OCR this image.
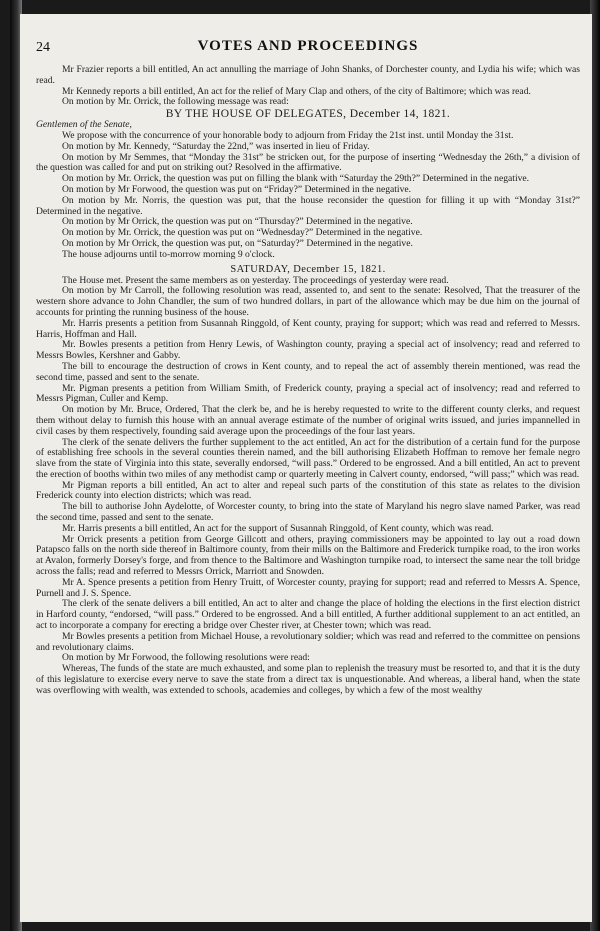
24	VOTES AND PROCEEDINGS

Mr Frazier reports a bill entitled, An act annulling the marriage of John Shanks, of Dorchester county, and Lydia his wife; which was read.

Mr Kennedy reports a bill entitled, An act for the relief of Mary Clap and others, of the city of Baltimore; which was read.

On motion by Mr. Orrick, the following message was read:

BY THE HOUSE OF DELEGATES, December 14, 1821.

Gentlemen of the Senate,

We propose with the concurrence of your honorable body to adjourn from Friday the 21st inst. until Monday the 31st.

On motion by Mr. Kennedy, “Saturday the 22nd,” was inserted in lieu of Friday.

On motion by Mr Semmes, that “Monday the 31st” be stricken out, for the purpose of inserting “Wednesday the 26th,” a division of the question was called for and put on striking out? Resolved in the affirmative.

On motion by Mr. Orrick, the question was put on filling the blank with “Saturday the 29th?” Determined in the negative.

On motion by Mr Forwood, the question was put on “Friday?” Determined in the negative.

On motion by Mr. Norris, the question was put, that the house reconsider the question for filling it up with “Monday 31st?” Determined in the negative.

On motion by Mr Orrick, the question was put on “Thursday?” Determined in the negative.

On motion by Mr. Orrick, the question was put on “Wednesday?” Determined in the negative.

On motion by Mr Orrick, the question was put, on “Saturday?” Determined in the negative.

The house adjourns until to-morrow morning 9 o'clock.

SATURDAY, December 15, 1821.

The House met. Present the same members as on yesterday. The proceedings of yesterday were read.

On motion by Mr Carroll, the following resolution was read, assented to, and sent to the senate: Resolved, That the treasurer of the western shore advance to John Chandler, the sum of two hundred dollars, in part of the allowance which may be due him on the journal of accounts for printing the running business of the house.

Mr. Harris presents a petition from Susannah Ringgold, of Kent county, praying for support; which was read and referred to Messrs. Harris, Hoffman and Hall.

Mr. Bowles presents a petition from Henry Lewis, of Washington county, praying a special act of insolvency; read and referred to Messrs Bowles, Kershner and Gabby.

The bill to encourage the destruction of crows in Kent county, and to repeal the act of assembly therein mentioned, was read the second time, passed and sent to the senate.

Mr. Pigman presents a petition from William Smith, of Frederick county, praying a special act of insolvency; read and referred to Messrs Pigman, Culler and Kemp.

On motion by Mr. Bruce, Ordered, That the clerk be, and he is hereby requested to write to the different county clerks, and request them without delay to furnish this house with an annual average estimate of the number of original writs issued, and juries impannelled in civil cases by them respectively, founding said average upon the proceedings of the four last years.

The clerk of the senate delivers the further supplement to the act entitled, An act for the distribution of a certain fund for the purpose of establishing free schools in the several counties therein named, and the bill authorising Elizabeth Hoffman to remove her female negro slave from the state of Virginia into this state, severally endorsed, “will pass.” Ordered to be engrossed. And a bill entitled, An act to prevent the erection of booths within two miles of any methodist camp or quarterly meeting in Calvert county, endorsed, “will pass;” which was read.

Mr Pigman reports a bill entitled, An act to alter and repeal such parts of the constitution of this state as relates to the division Frederick county into election districts; which was read.

The bill to authorise John Aydelotte, of Worcester county, to bring into the state of Maryland his negro slave named Parker, was read the second time, passed and sent to the senate.

Mr. Harris presents a bill entitled, An act for the support of Susannah Ringgold, of Kent county, which was read.

Mr Orrick presents a petition from George Gillcott and others, praying commissioners may be appointed to lay out a road down Patapsco falls on the north side thereof in Baltimore county, from their mills on the Baltimore and Frederick turnpike road, to the iron works at Avalon, formerly Dorsey's forge, and from thence to the Baltimore and Washington turnpike road, to intersect the same near the toll bridge across the falls; read and referred to Messrs Orrick, Marriott and Snowden.

Mr A. Spence presents a petition from Henry Truitt, of Worcester county, praying for support; read and referred to Messrs A. Spence, Purnell and J. S. Spence.

The clerk of the senate delivers a bill entitled, An act to alter and change the place of holding the elections in the first election district in Harford county, “endorsed, “will pass.” Ordered to be engrossed. And a bill entitled, A further additional supplement to an act entitled, an act to incorporate a company for erecting a bridge over Chester river, at Chester town; which was read.

Mr Bowles presents a petition from Michael House, a revolutionary soldier; which was read and referred to the committee on pensions and revolutionary claims.

On motion by Mr Forwood, the following resolutions were read:

Whereas, The funds of the state are much exhausted, and some plan to replenish the treasury must be resorted to, and that it is the duty of this legislature to exercise every nerve to save the state from a direct tax is unquestionable. And whereas, a liberal hand, when the state was overflowing with wealth, was extended to schools, academies and colleges, by which a few of the most wealthy
